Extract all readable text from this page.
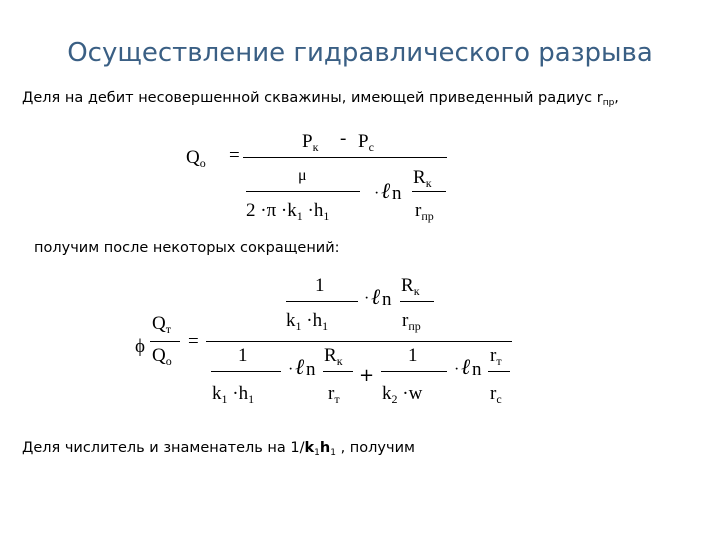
Осуществление гидравлического разрыва
Деля на дебит несовершенной скважины, имеющей приведенный радиус $r_{пр}$,
$Q_о$ =
$P_к - P_с$
μ
$2 \cdot\pi \cdot k_1 \cdot h_1$
· ℓ n
$R_к$
$r_{пр}$
получим после некоторых сокращений:
ϕ
$Q_т$
$Q_о$
=
1
$k_1 \cdot h_1$
· ℓ n
$R_к$
$r_{пр}$
1
$k_1 \cdot h_1$
· ℓ n
$R_к$
$r_т$
+
1
$k_2 \cdot w$
· ℓ n
$r_т$
$r_с$
Деля числитель и знаменатель на $1/k_1h_1$ , получим
